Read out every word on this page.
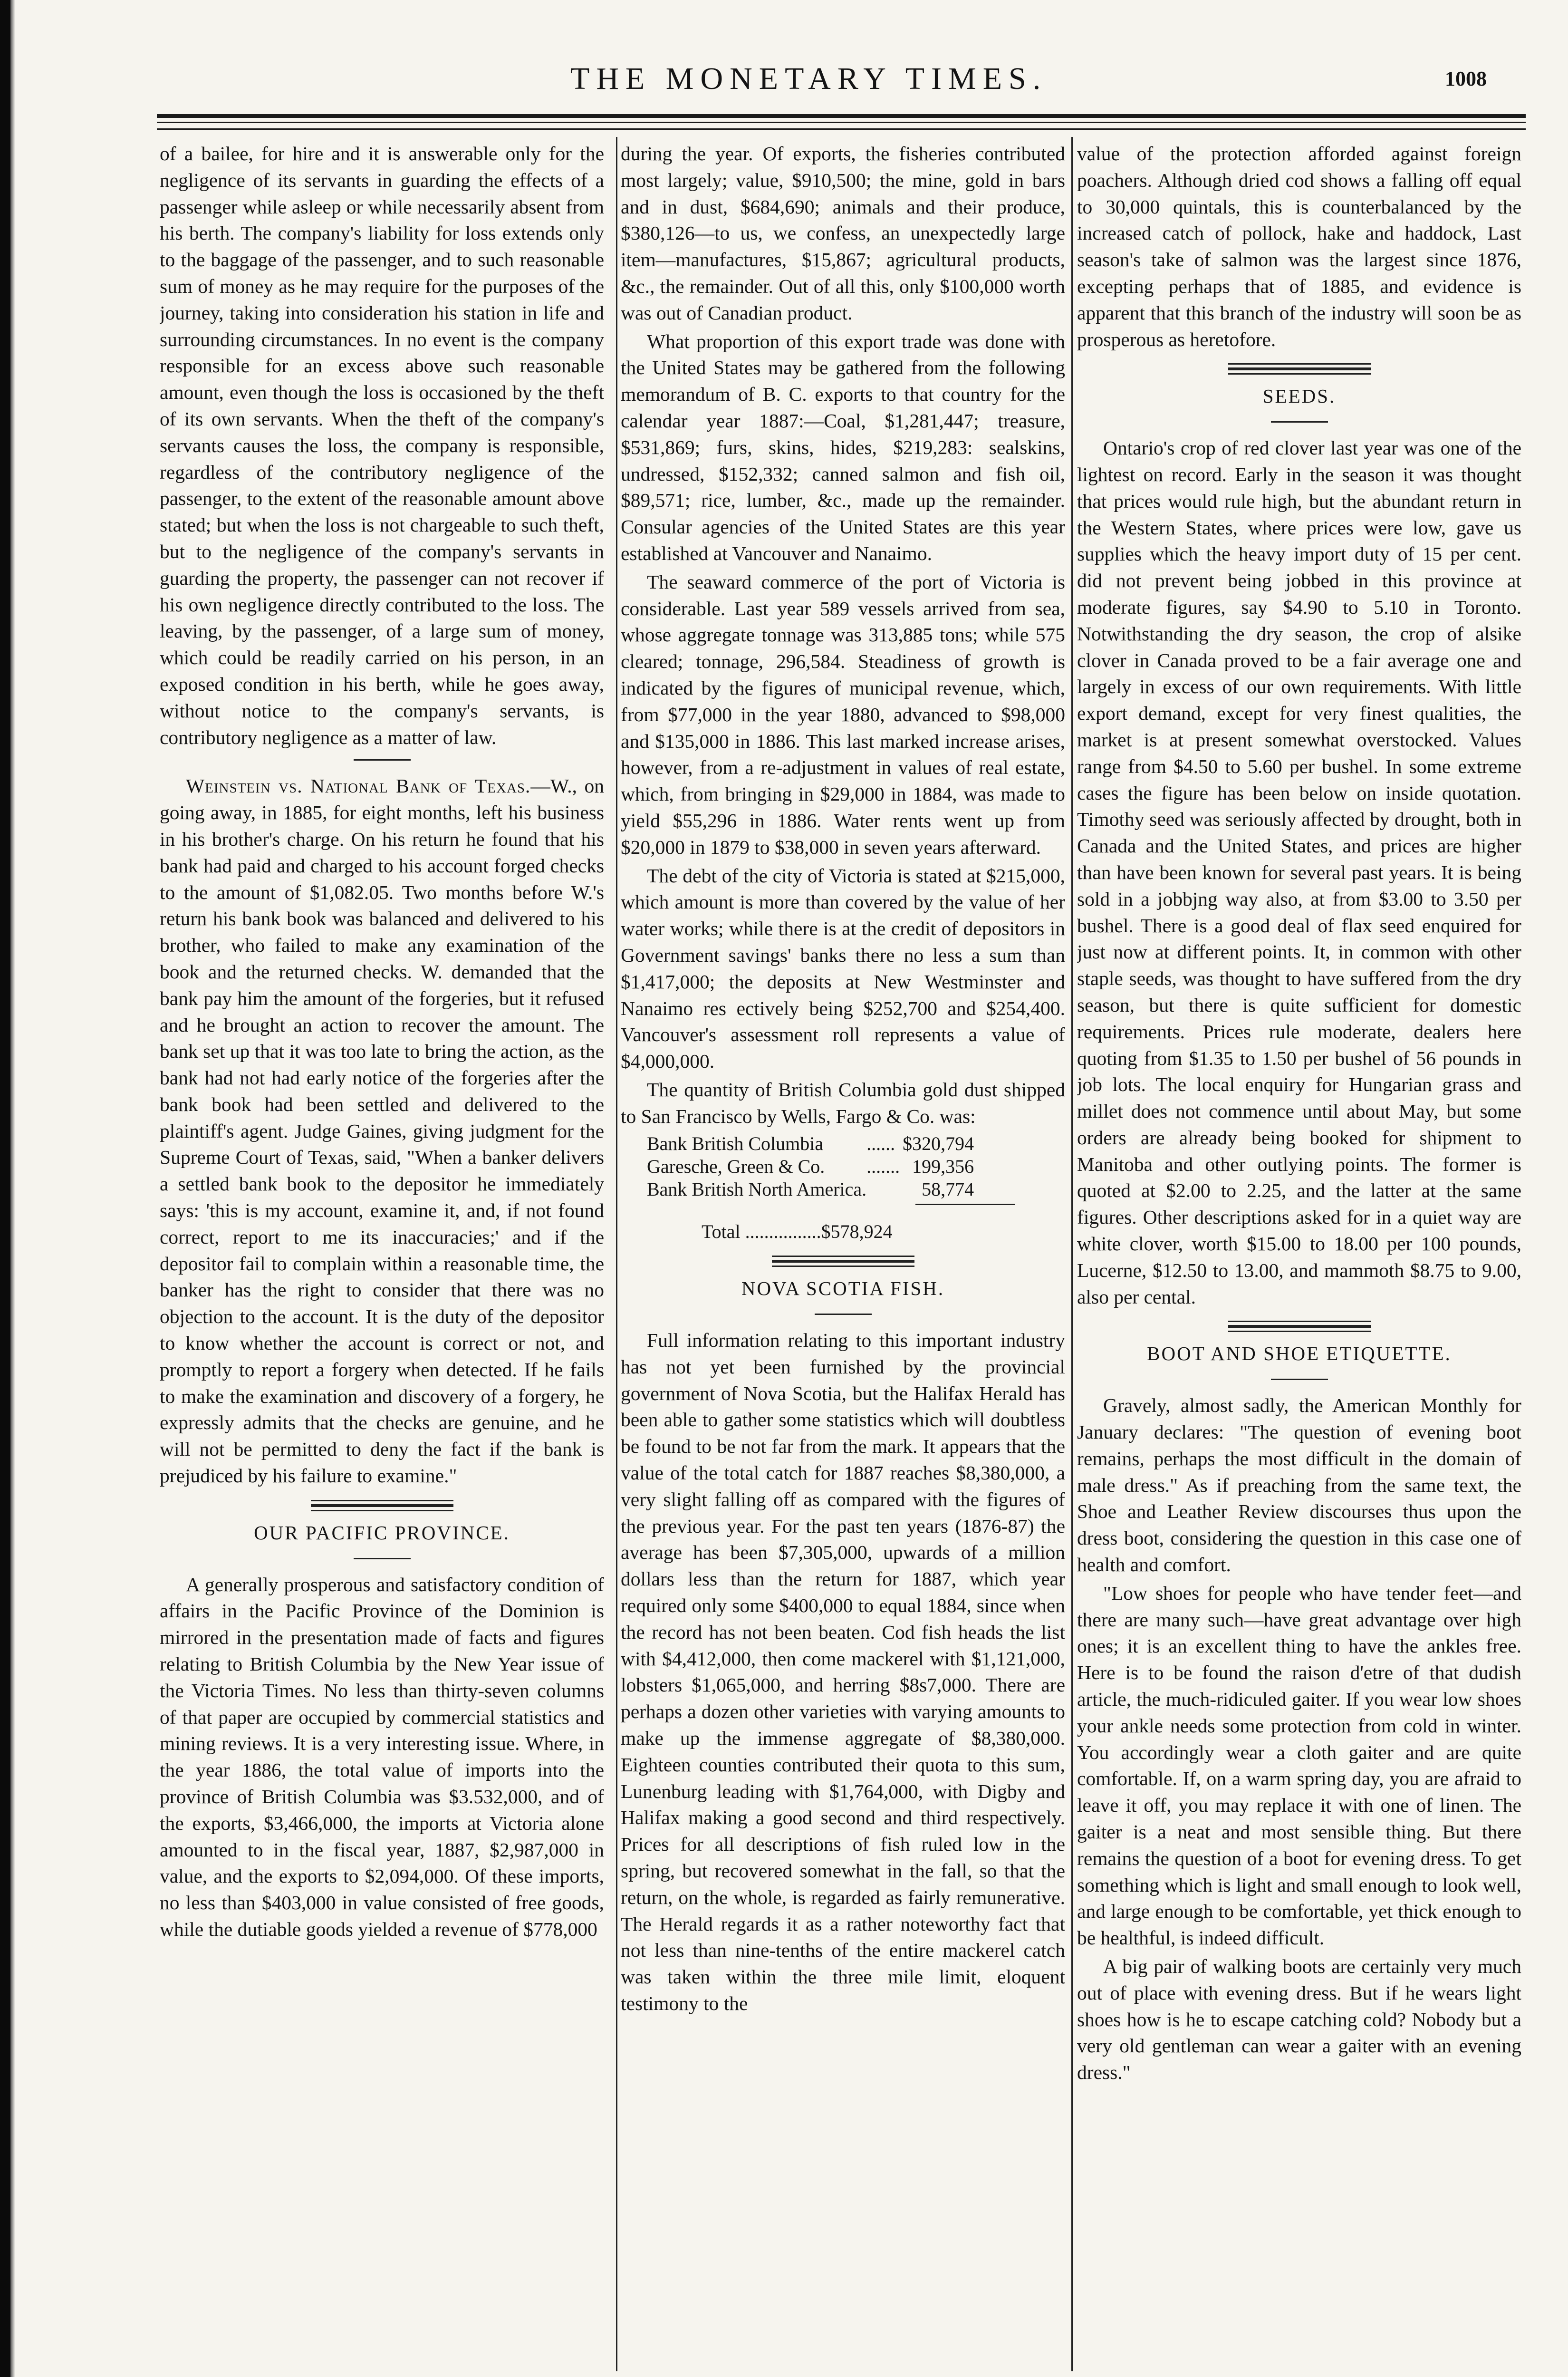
THE MONETARY TIMES.	1008

of a bailee, for hire and it is answerable only for the negligence of its servants in guarding the effects of a passenger while asleep or while necessarily absent from his berth. The company's liability for loss extends only to the baggage of the passenger, and to such reasonable sum of money as he may require for the purposes of the journey, taking into consideration his station in life and surrounding circumstances. In no event is the company responsible for an excess above such reasonable amount, even though the loss is occasioned by the theft of its own servants. When the theft of the company's servants causes the loss, the company is responsible, regardless of the contributory negligence of the passenger, to the extent of the reasonable amount above stated; but when the loss is not chargeable to such theft, but to the negligence of the company's servants in guarding the property, the passenger can not recover if his own negligence directly contributed to the loss. The leaving, by the passenger, of a large sum of money, which could be readily carried on his person, in an exposed condition in his berth, while he goes away, without notice to the company's servants, is contributory negligence as a matter of law.

Weinstein vs. National Bank of Texas.—W., on going away, in 1885, for eight months, left his business in his brother's charge. On his return he found that his bank had paid and charged to his account forged checks to the amount of $1,082.05. Two months before W.'s return his bank book was balanced and delivered to his brother, who failed to make any examination of the book and the returned checks. W. demanded that the bank pay him the amount of the forgeries, but it refused and he brought an action to recover the amount. The bank set up that it was too late to bring the action, as the bank had not had early notice of the forgeries after the bank book had been settled and delivered to the plaintiff's agent. Judge Gaines, giving judgment for the Supreme Court of Texas, said, "When a banker delivers a settled bank book to the depositor he immediately says: 'this is my account, examine it, and, if not found correct, report to me its inaccuracies;' and if the depositor fail to complain within a reasonable time, the banker has the right to consider that there was no objection to the account. It is the duty of the depositor to know whether the account is correct or not, and promptly to report a forgery when detected. If he fails to make the examination and discovery of a forgery, he expressly admits that the checks are genuine, and he will not be permitted to deny the fact if the bank is prejudiced by his failure to examine."

OUR PACIFIC PROVINCE.

A generally prosperous and satisfactory condition of affairs in the Pacific Province of the Dominion is mirrored in the presentation made of facts and figures relating to British Columbia by the New Year issue of the Victoria Times. No less than thirty-seven columns of that paper are occupied by commercial statistics and mining reviews. It is a very interesting issue. Where, in the year 1886, the total value of imports into the province of British Columbia was $3.532,000, and of the exports, $3,466,000, the imports at Victoria alone amounted to in the fiscal year, 1887, $2,987,000 in value, and the exports to $2,094,000. Of these imports, no less than $403,000 in value consisted of free goods, while the dutiable goods yielded a revenue of $778,000

during the year. Of exports, the fisheries contributed most largely; value, $910,500; the mine, gold in bars and in dust, $684,690; animals and their produce, $380,126—to us, we confess, an unexpectedly large item—manufactures, $15,867; agricultural products, &c., the remainder. Out of all this, only $100,000 worth was out of Canadian product.

What proportion of this export trade was done with the United States may be gathered from the following memorandum of B. C. exports to that country for the calendar year 1887:—Coal, $1,281,447; treasure, $531,869; furs, skins, hides, $219,283: sealskins, undressed, $152,332; canned salmon and fish oil, $89,571; rice, lumber, &c., made up the remainder. Consular agencies of the United States are this year established at Vancouver and Nanaimo.

The seaward commerce of the port of Victoria is considerable. Last year 589 vessels arrived from sea, whose aggregate tonnage was 313,885 tons; while 575 cleared; tonnage, 296,584. Steadiness of growth is indicated by the figures of municipal revenue, which, from $77,000 in the year 1880, advanced to $98,000 and $135,000 in 1886. This last marked increase arises, however, from a re-adjustment in values of real estate, which, from bringing in $29,000 in 1884, was made to yield $55,296 in 1886. Water rents went up from $20,000 in 1879 to $38,000 in seven years afterward.

The debt of the city of Victoria is stated at $215,000, which amount is more than covered by the value of her water works; while there is at the credit of depositors in Government savings' banks there no less a sum than $1,417,000; the deposits at New Westminster and Nanaimo res ectively being $252,700 and $254,400. Vancouver's assessment roll represents a value of $4,000,000.

The quantity of British Columbia gold dust shipped to San Francisco by Wells, Fargo & Co. was:

Bank British Columbia	......	$320,794
Garesche, Green & Co.	.......	199,356
Bank British North America.		58,774
Total ................$578,924
NOVA SCOTIA FISH.

Full information relating to this important industry has not yet been furnished by the provincial government of Nova Scotia, but the Halifax Herald has been able to gather some statistics which will doubtless be found to be not far from the mark. It appears that the value of the total catch for 1887 reaches $8,380,000, a very slight falling off as compared with the figures of the previous year. For the past ten years (1876-87) the average has been $7,305,000, upwards of a million dollars less than the return for 1887, which year required only some $400,000 to equal 1884, since when the record has not been beaten. Cod fish heads the list with $4,412,000, then come mackerel with $1,121,000, lobsters $1,065,000, and herring $8s7,000. There are perhaps a dozen other varieties with varying amounts to make up the immense aggregate of $8,380,000. Eighteen counties contributed their quota to this sum, Lunenburg leading with $1,764,000, with Digby and Halifax making a good second and third respectively. Prices for all descriptions of fish ruled low in the spring, but recovered somewhat in the fall, so that the return, on the whole, is regarded as fairly remunerative. The Herald regards it as a rather noteworthy fact that not less than nine-tenths of the entire mackerel catch was taken within the three mile limit, eloquent testimony to the

value of the protection afforded against foreign poachers. Although dried cod shows a falling off equal to 30,000 quintals, this is counterbalanced by the increased catch of pollock, hake and haddock, Last season's take of salmon was the largest since 1876, excepting perhaps that of 1885, and evidence is apparent that this branch of the industry will soon be as prosperous as heretofore.

SEEDS.

Ontario's crop of red clover last year was one of the lightest on record. Early in the season it was thought that prices would rule high, but the abundant return in the Western States, where prices were low, gave us supplies which the heavy import duty of 15 per cent. did not prevent being jobbed in this province at moderate figures, say $4.90 to 5.10 in Toronto. Notwithstanding the dry season, the crop of alsike clover in Canada proved to be a fair average one and largely in excess of our own requirements. With little export demand, except for very finest qualities, the market is at present somewhat overstocked. Values range from $4.50 to 5.60 per bushel. In some extreme cases the figure has been below on inside quotation. Timothy seed was seriously affected by drought, both in Canada and the United States, and prices are higher than have been known for several past years. It is being sold in a jobbjng way also, at from $3.00 to 3.50 per bushel. There is a good deal of flax seed enquired for just now at different points. It, in common with other staple seeds, was thought to have suffered from the dry season, but there is quite sufficient for domestic requirements. Prices rule moderate, dealers here quoting from $1.35 to 1.50 per bushel of 56 pounds in job lots. The local enquiry for Hungarian grass and millet does not commence until about May, but some orders are already being booked for shipment to Manitoba and other outlying points. The former is quoted at $2.00 to 2.25, and the latter at the same figures. Other descriptions asked for in a quiet way are white clover, worth $15.00 to 18.00 per 100 pounds, Lucerne, $12.50 to 13.00, and mammoth $8.75 to 9.00, also per cental.

BOOT AND SHOE ETIQUETTE.

Gravely, almost sadly, the American Monthly for January declares: "The question of evening boot remains, perhaps the most difficult in the domain of male dress." As if preaching from the same text, the Shoe and Leather Review discourses thus upon the dress boot, considering the question in this case one of health and comfort.

"Low shoes for people who have tender feet—and there are many such—have great advantage over high ones; it is an excellent thing to have the ankles free. Here is to be found the raison d'etre of that dudish article, the much-ridiculed gaiter. If you wear low shoes your ankle needs some protection from cold in winter. You accordingly wear a cloth gaiter and are quite comfortable. If, on a warm spring day, you are afraid to leave it off, you may replace it with one of linen. The gaiter is a neat and most sensible thing. But there remains the question of a boot for evening dress. To get something which is light and small enough to look well, and large enough to be comfortable, yet thick enough to be healthful, is indeed difficult.

A big pair of walking boots are certainly very much out of place with evening dress. But if he wears light shoes how is he to escape catching cold? Nobody but a very old gentleman can wear a gaiter with an evening dress."
